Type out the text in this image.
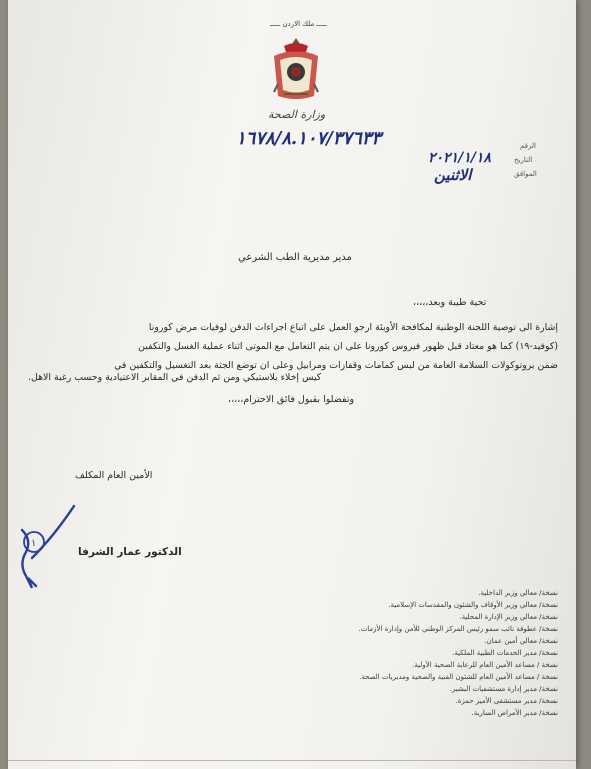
ـــــ ملك الاردن ـــــ
وزارة الصحة
الرقم
التاريخ
الموافق
١٦٧٨/٨.١٠٧/٣٧٦٣٣
٢٠٢١/١/١٨
الاثنين
مدير مديرية الطب الشرعي
تحية طيبة وبعد،،،،،
إشارة الى توصية اللجنة الوطنية لمكافحة الأوبئة ارجو العمل على اتباع اجراءات الدفن لوفيات مرض كورونا
(كوفيد-١٩) كما هو معتاد قبل ظهور فيروس كورونا على ان يتم التعامل مع الموتى اثناء عملية الغسل والتكفين
ضمن بروتوكولات السلامة العامة من لبس كمامات وقفازات ومرابيل وعلى ان توضع الجثة بعد التغسيل والتكفين في
كيس إخلاء بلاستيكي ومن ثم الدفن في المقابر الاعتيادية وحسب رغبة الاهل.
وتفضلوا بقبول فائق الاحترام،،،،،
الأمين العام المكلف
١
الدكتور عمار الشرفا
نسخة/ معالي وزير الداخلية.
نسخة/ معالي وزير الأوقاف والشئون والمقدسات الإسلامية.
نسخة/ معالي وزير الإدارة المحلية.
نسخة/ عطوفة نائب سمو رئيس المركز الوطني للأمن وإدارة الأزمات.
نسخة/ معالي أمين عمان.
نسخة/ مدير الخدمات الطبية الملكية.
نسخة / مساعد الأمين العام للرعاية الصحية الأولية.
نسخة / مساعد الأمين العام للشئون الفنية والصحية ومديريات الصحة.
نسخة/ مدير إدارة مستشفيات البشير.
نسخة/ مدير مستشفى الأمير حمزة.
نسخة/ مدير الأمراض السارية.
